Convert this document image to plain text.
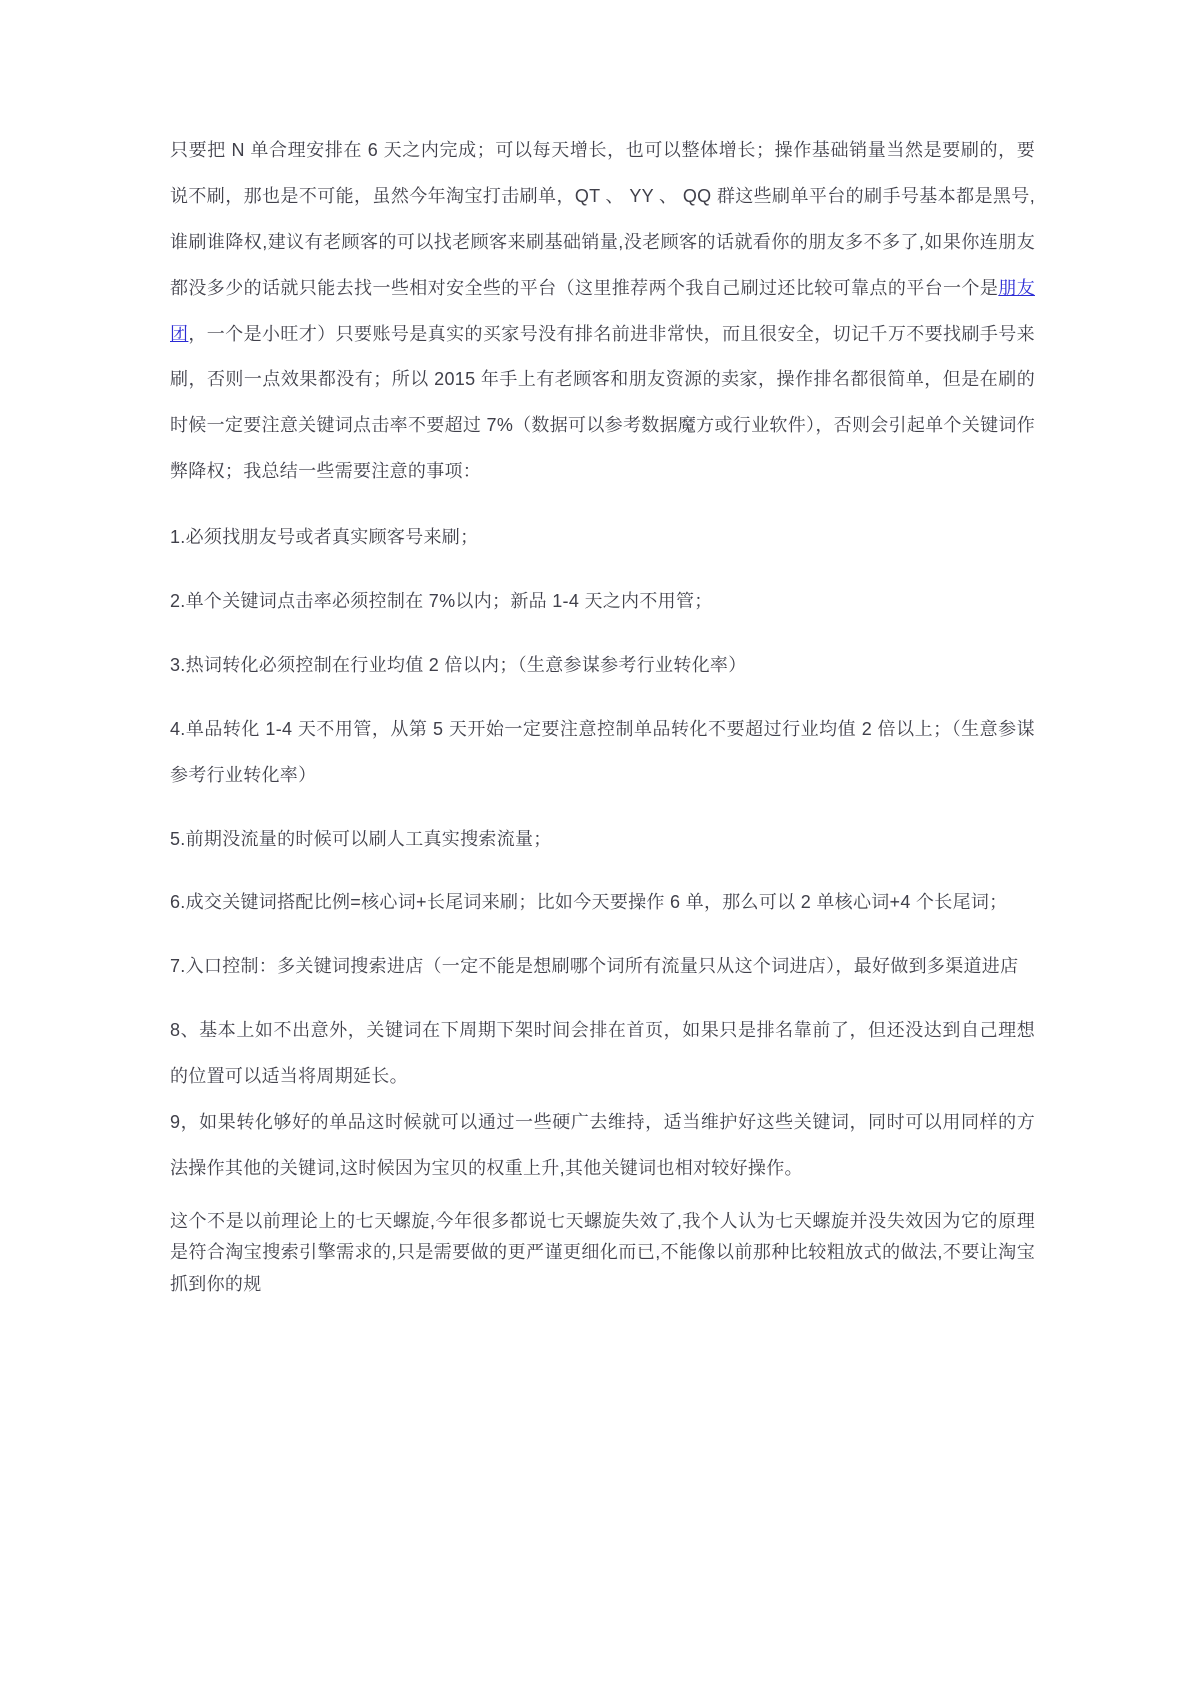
只要把 N 单合理安排在 6 天之内完成；可以每天增长，也可以整体增长；操作基础销量当然是要刷的，要说不刷，那也是不可能，虽然今年淘宝打击刷单，QT 、 YY 、 QQ 群这些刷单平台的刷手号基本都是黑号,谁刷谁降权,建议有老顾客的可以找老顾客来刷基础销量,没老顾客的话就看你的朋友多不多了,如果你连朋友都没多少的话就只能去找一些相对安全些的平台（这里推荐两个我自己刷过还比较可靠点的平台一个是朋友团，一个是小旺才）只要账号是真实的买家号没有排名前进非常快，而且很安全，切记千万不要找刷手号来刷，否则一点效果都没有；所以 2015 年手上有老顾客和朋友资源的卖家，操作排名都很简单，但是在刷的时候一定要注意关键词点击率不要超过 7%（数据可以参考数据魔方或行业软件），否则会引起单个关键词作弊降权；我总结一些需要注意的事项：

1.必须找朋友号或者真实顾客号来刷；

2.单个关键词点击率必须控制在 7%以内；新品 1-4 天之内不用管；

3.热词转化必须控制在行业均值 2 倍以内；（生意参谋参考行业转化率）

4.单品转化 1-4 天不用管，从第 5 天开始一定要注意控制单品转化不要超过行业均值 2 倍以上；（生意参谋参考行业转化率）

5.前期没流量的时候可以刷人工真实搜索流量；

6.成交关键词搭配比例=核心词+长尾词来刷；比如今天要操作 6 单，那么可以 2 单核心词+4 个长尾词；

7.入口控制：多关键词搜索进店（一定不能是想刷哪个词所有流量只从这个词进店），最好做到多渠道进店

8、基本上如不出意外，关键词在下周期下架时间会排在首页，如果只是排名靠前了，但还没达到自己理想的位置可以适当将周期延长。

9，如果转化够好的单品这时候就可以通过一些硬广去维持，适当维护好这些关键词，同时可以用同样的方法操作其他的关键词,这时候因为宝贝的权重上升,其他关键词也相对较好操作。

这个不是以前理论上的七天螺旋,今年很多都说七天螺旋失效了,我个人认为七天螺旋并没失效因为它的原理是符合淘宝搜索引擎需求的,只是需要做的更严谨更细化而已,不能像以前那种比较粗放式的做法,不要让淘宝抓到你的规
